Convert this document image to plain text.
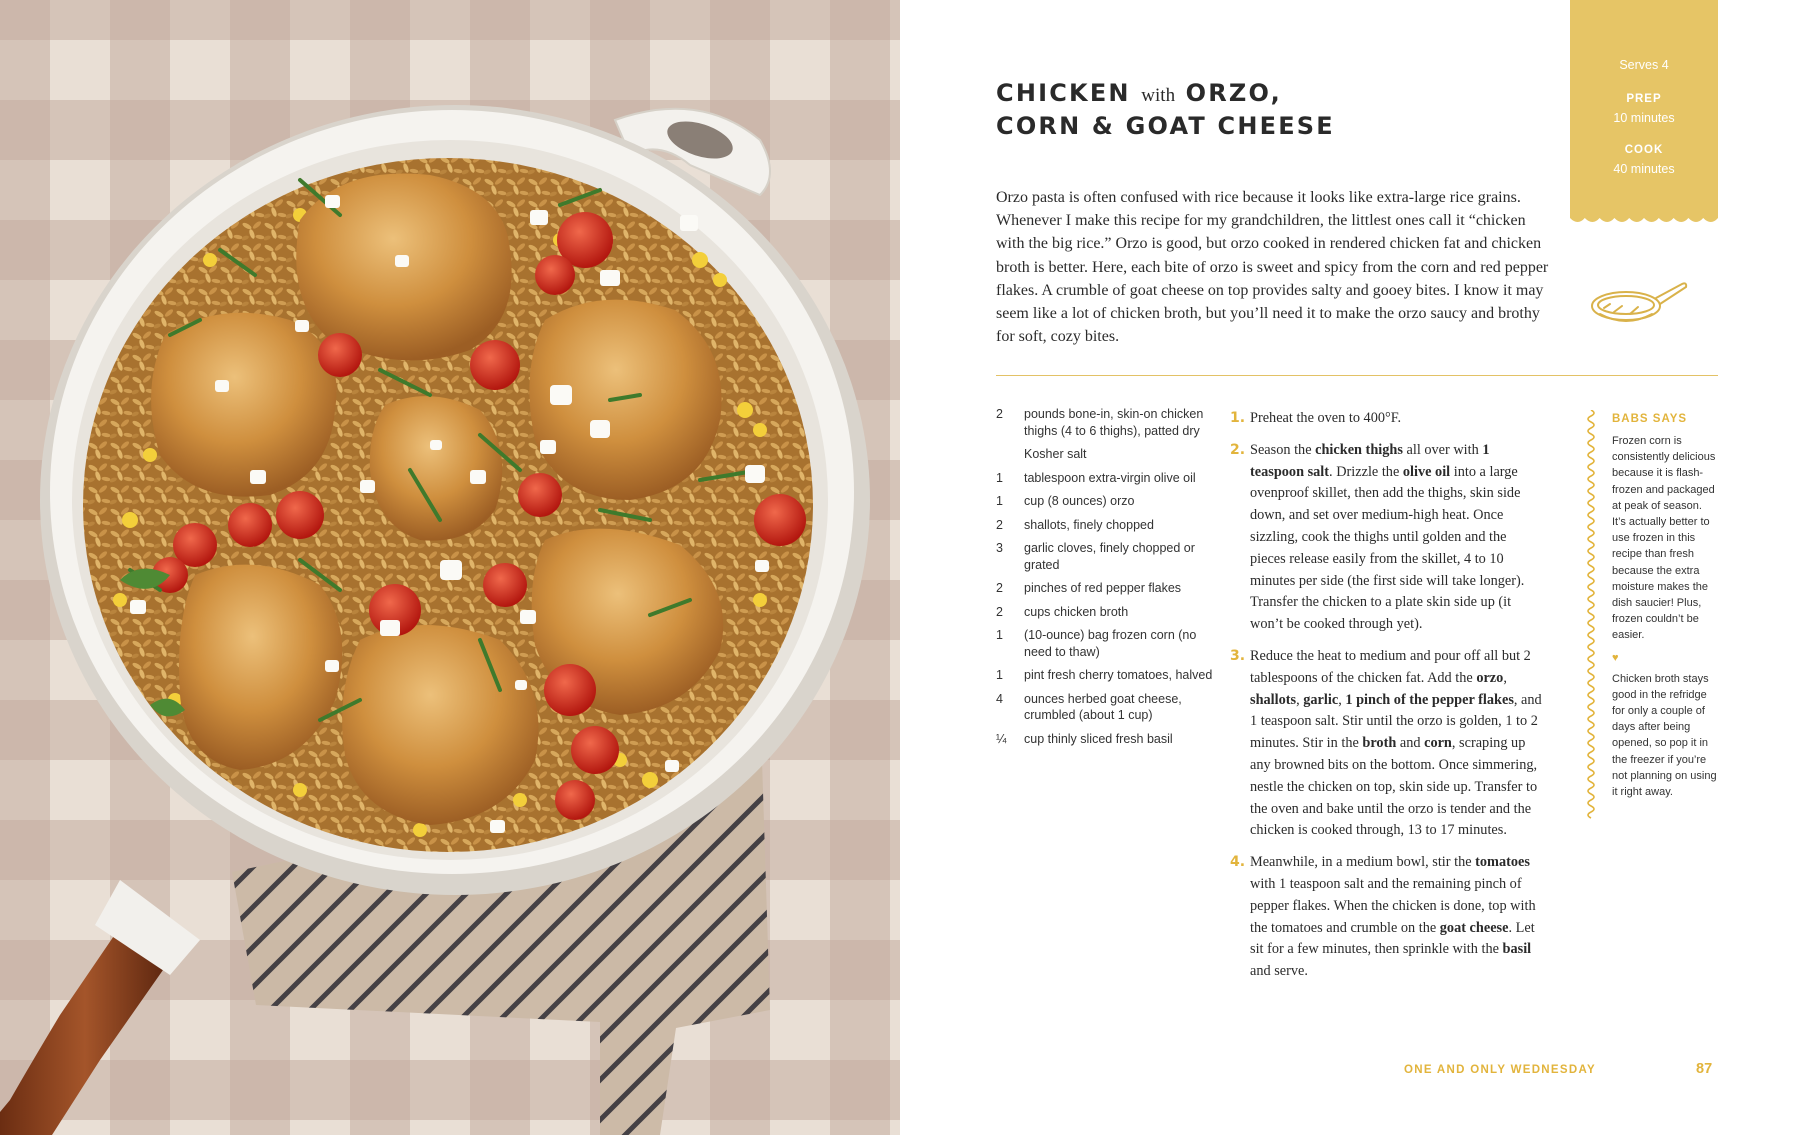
CHICKEN with ORZO,
CORN & GOAT CHEESE
Serves 4
PREP
10 minutes
COOK
40 minutes

Orzo pasta is often confused with rice because it looks like extra-large rice grains. Whenever I make this recipe for my grandchildren, the littlest ones call it “chicken with the big rice.” Orzo is good, but orzo cooked in rendered chicken fat and chicken broth is better. Here, each bite of orzo is sweet and spicy from the corn and red pepper flakes. A crumble of goat cheese on top provides salty and gooey bites. I know it may seem like a lot of chicken broth, but you’ll need it to make the orzo saucy and brothy for soft, cozy bites.

2	pounds bone-in, skin-on chicken thighs (4 to 6 thighs), patted dry
Kosher salt
1	tablespoon extra-virgin olive oil
1	cup (8 ounces) orzo
2	shallots, finely chopped
3	garlic cloves, finely chopped or grated
2	pinches of red pepper flakes
2	cups chicken broth
1	(10-ounce) bag frozen corn (no need to thaw)
1	pint fresh cherry tomatoes, halved
4	ounces herbed goat cheese, crumbled (about 1 cup)
¼	cup thinly sliced fresh basil
1. Preheat the oven to 400°F.
2. Season the chicken thighs all over with 1 teaspoon salt. Drizzle the olive oil into a large ovenproof skillet, then add the thighs, skin side down, and set over medium-high heat. Once sizzling, cook the thighs until golden and the pieces release easily from the skillet, 4 to 10 minutes per side (the first side will take longer). Transfer the chicken to a plate skin side up (it won’t be cooked through yet).
3. Reduce the heat to medium and pour off all but 2 tablespoons of the chicken fat. Add the orzo, shallots, garlic, 1 pinch of the pepper flakes, and 1 teaspoon salt. Stir until the orzo is golden, 1 to 2 minutes. Stir in the broth and corn, scraping up any browned bits on the bottom. Once simmering, nestle the chicken on top, skin side up. Transfer to the oven and bake until the orzo is tender and the chicken is cooked through, 13 to 17 minutes.
4. Meanwhile, in a medium bowl, stir the tomatoes with 1 teaspoon salt and the remaining pinch of pepper flakes. When the chicken is done, top with the tomatoes and crumble on the goat cheese. Let sit for a few minutes, then sprinkle with the basil and serve.
BABS SAYS

Frozen corn is consistently delicious because it is flash-frozen and packaged at peak of season. It’s actually better to use frozen in this recipe than fresh because the extra moisture makes the dish saucier! Plus, frozen couldn’t be easier.

♥

Chicken broth stays good in the refridge for only a couple of days after being opened, so pop it in the freezer if you’re not planning on using it right away.

ONE AND ONLY WEDNESDAY	87
